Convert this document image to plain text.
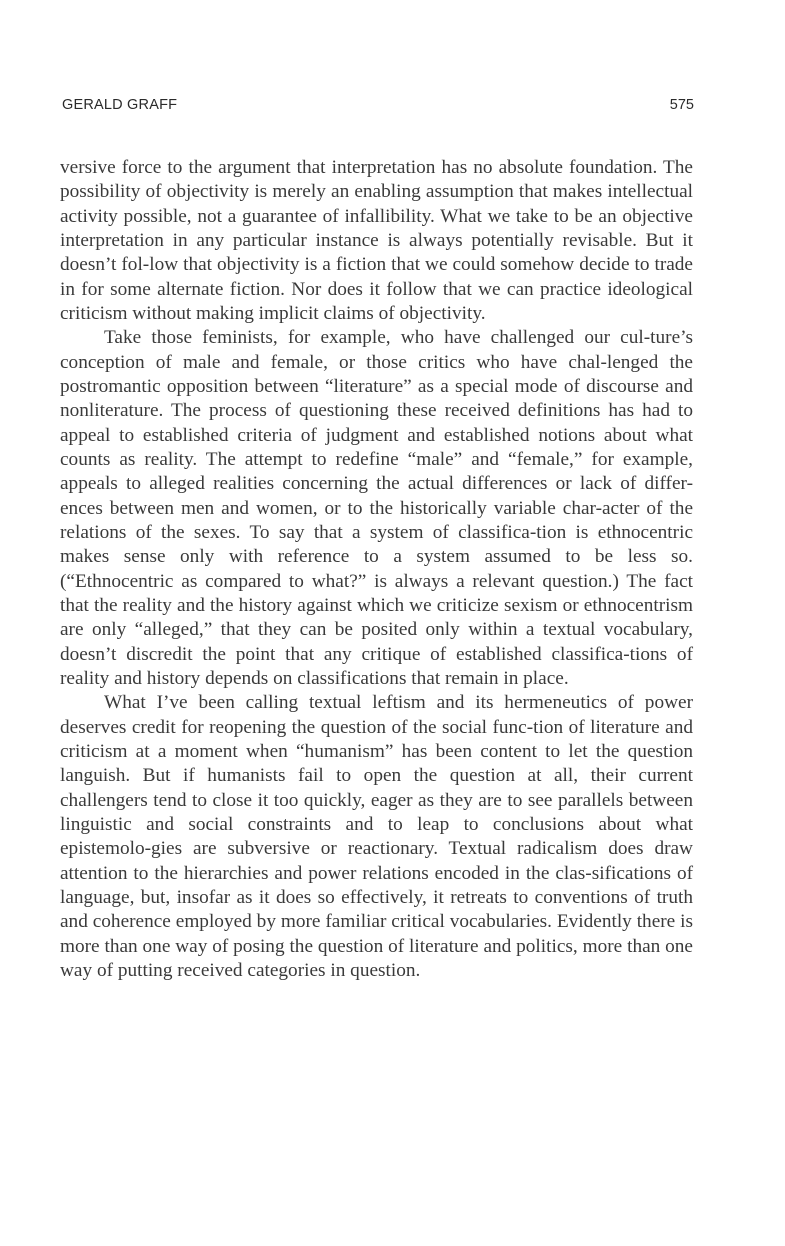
GERALD GRAFF	575

versive force to the argument that interpretation has no absolute foundation. The possibility of objectivity is merely an enabling assumption that makes intellectual activity possible, not a guarantee of infallibility. What we take to be an objective interpretation in any particular instance is always potentially revisable. But it doesn’t fol-low that objectivity is a fiction that we could somehow decide to trade in for some alternate fiction. Nor does it follow that we can practice ideological criticism without making implicit claims of objectivity.

Take those feminists, for example, who have challenged our cul-ture’s conception of male and female, or those critics who have chal-lenged the postromantic opposition between “literature” as a special mode of discourse and nonliterature. The process of questioning these received definitions has had to appeal to established criteria of judgment and established notions about what counts as reality. The attempt to redefine “male” and “female,” for example, appeals to alleged realities concerning the actual differences or lack of differ-ences between men and women, or to the historically variable char-acter of the relations of the sexes. To say that a system of classifica-tion is ethnocentric makes sense only with reference to a system assumed to be less so. (“Ethnocentric as compared to what?” is always a relevant question.) The fact that the reality and the history against which we criticize sexism or ethnocentrism are only “alleged,” that they can be posited only within a textual vocabulary, doesn’t discredit the point that any critique of established classifica-tions of reality and history depends on classifications that remain in place.

What I’ve been calling textual leftism and its hermeneutics of power deserves credit for reopening the question of the social func-tion of literature and criticism at a moment when “humanism” has been content to let the question languish. But if humanists fail to open the question at all, their current challengers tend to close it too quickly, eager as they are to see parallels between linguistic and social constraints and to leap to conclusions about what epistemolo-gies are subversive or reactionary. Textual radicalism does draw attention to the hierarchies and power relations encoded in the clas-sifications of language, but, insofar as it does so effectively, it retreats to conventions of truth and coherence employed by more familiar critical vocabularies. Evidently there is more than one way of posing the question of literature and politics, more than one way of putting received categories in question.
